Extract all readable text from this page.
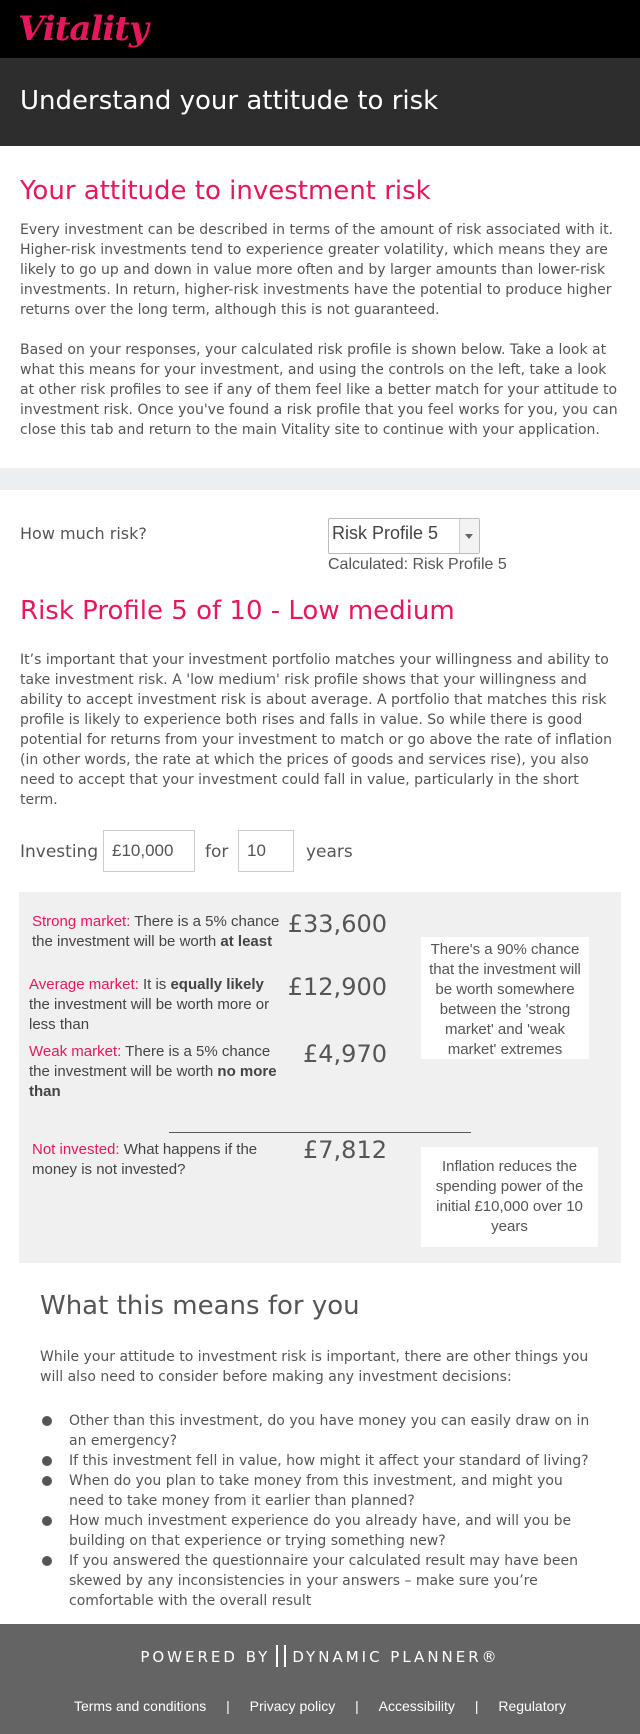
Vitality
Understand your attitude to risk
Your attitude to investment risk

Every investment can be described in terms of the amount of risk associated with it. Higher-risk investments tend to experience greater volatility, which means they are likely to go up and down in value more often and by larger amounts than lower-risk investments. In return, higher-risk investments have the potential to produce higher returns over the long term, although this is not guaranteed.

Based on your responses, your calculated risk profile is shown below. Take a look at what this means for your investment, and using the controls on the left, take a look at other risk profiles to see if any of them feel like a better match for your attitude to investment risk. Once you've found a risk profile that you feel works for you, you can close this tab and return to the main Vitality site to continue with your application.

How much risk?	Risk Profile 5
Calculated: Risk Profile 5
Risk Profile 5 of 10 - Low medium

It’s important that your investment portfolio matches your willingness and ability to take investment risk. A 'low medium' risk profile shows that your willingness and ability to accept investment risk is about average. A portfolio that matches this risk profile is likely to experience both rises and falls in value. So while there is good potential for returns from your investment to match or go above the rate of inflation (in other words, the rate at which the prices of goods and services rise), you also need to accept that your investment could fall in value, particularly in the short term.

Investing £10,000	for	10	years
Strong market: There is a 5% chance the investment will be worth at least
£33,600
Average market: It is equally likely the investment will be worth more or less than
£12,900
Weak market: There is a 5% chance the investment will be worth no more than
£4,970
There's a 90% chance that the investment will be worth somewhere between the 'strong market' and 'weak market' extremes
Not invested: What happens if the money is not invested?
£7,812
Inflation reduces the spending power of the initial £10,000 over 10 years
What this means for you

While your attitude to investment risk is important, there are other things you will also need to consider before making any investment decisions:

Other than this investment, do you have money you can easily draw on in an emergency?
If this investment fell in value, how might it affect your standard of living?
When do you plan to take money from this investment, and might you need to take money from it earlier than planned?
How much investment experience do you already have, and will you be building on that experience or trying something new?
If you answered the questionnaire your calculated result may have been skewed by any inconsistencies in your answers – make sure you’re comfortable with the overall result
POWERED BY DYNAMIC PLANNER®
Terms and conditions | Privacy policy | Accessibility | Regulatory
